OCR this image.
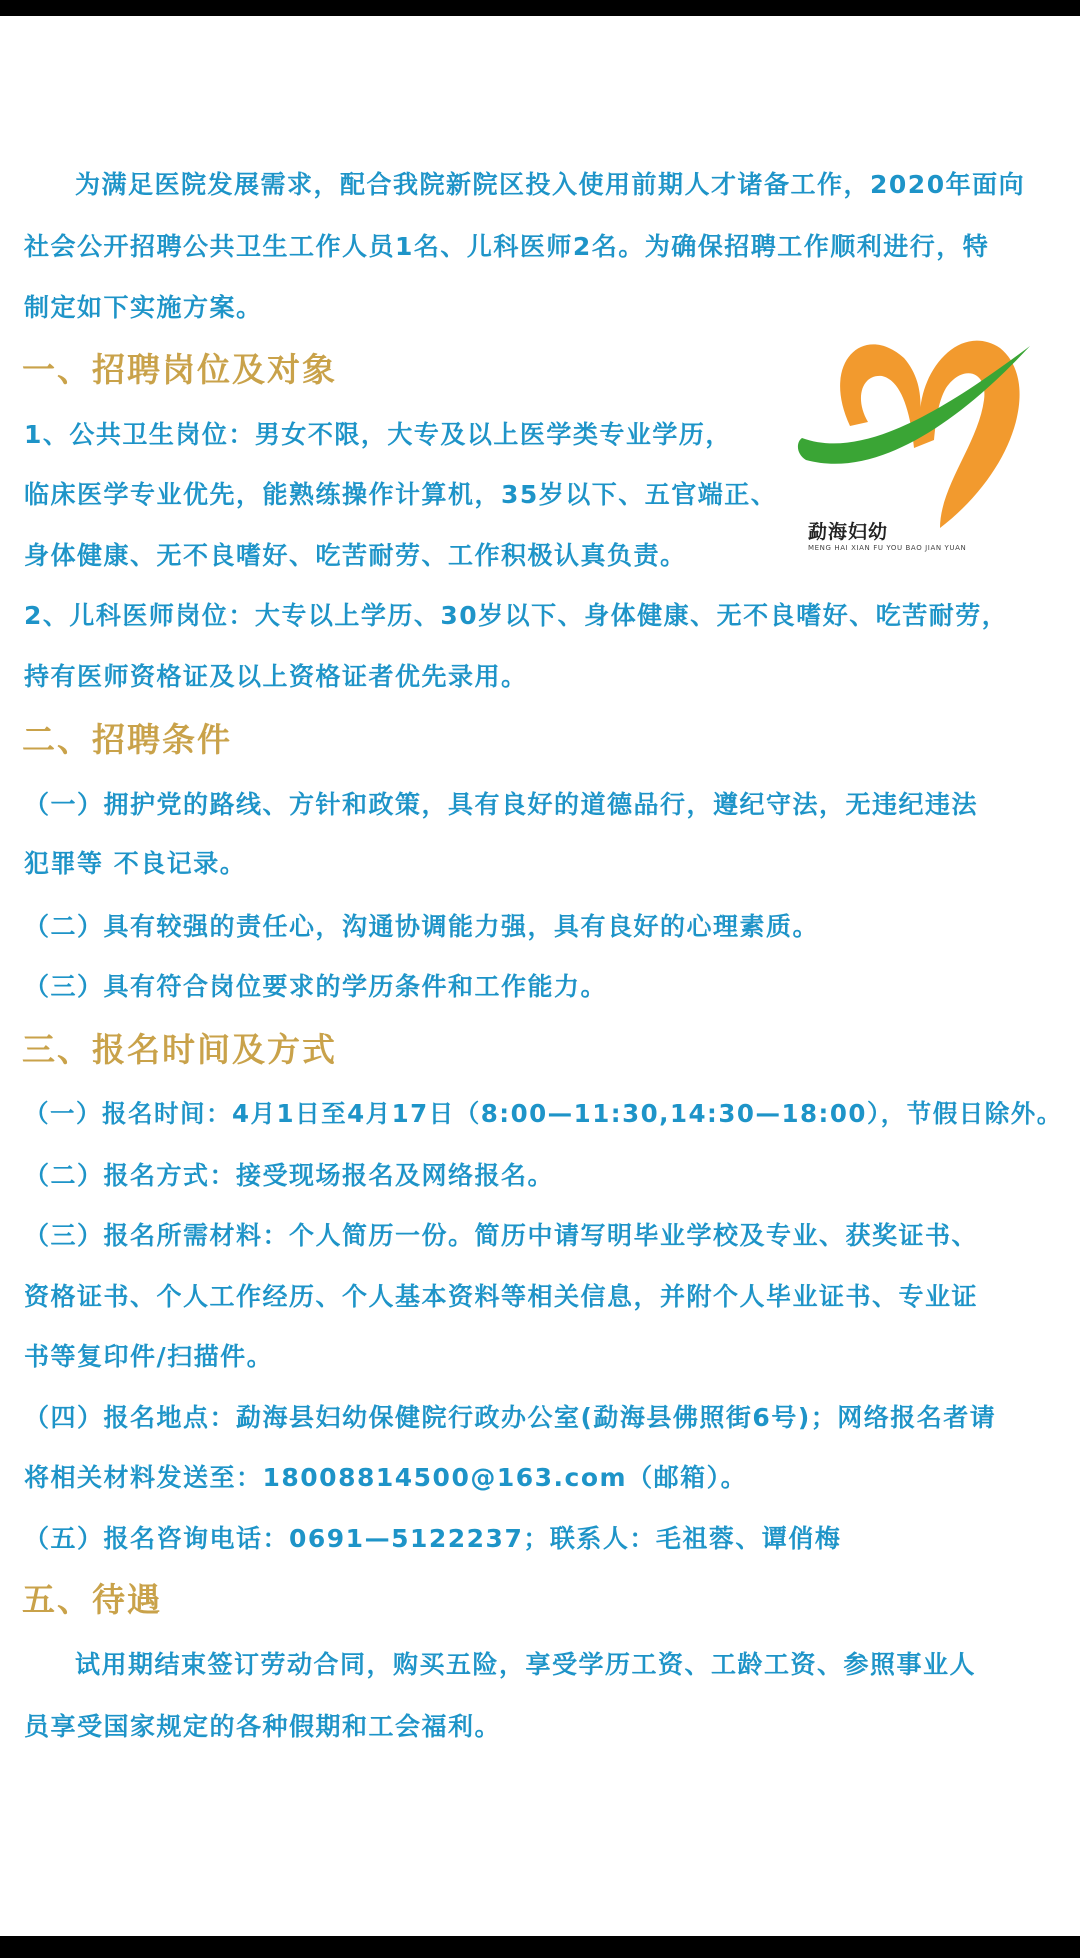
为满足医院发展需求，配合我院新院区投入使用前期人才诸备工作，2020年面向
社会公开招聘公共卫生工作人员1名、儿科医师2名。为确保招聘工作顺利进行，特
制定如下实施方案。
一、招聘岗位及对象
1、公共卫生岗位：男女不限，大专及以上医学类专业学历，
临床医学专业优先，能熟练操作计算机，35岁以下、五官端正、
身体健康、无不良嗜好、吃苦耐劳、工作积极认真负责。
2、儿科医师岗位：大专以上学历、30岁以下、身体健康、无不良嗜好、吃苦耐劳，
持有医师资格证及以上资格证者优先录用。
勐海妇幼
MENG HAI XIAN FU YOU BAO JIAN YUAN
二、招聘条件
（一）拥护党的路线、方针和政策，具有良好的道德品行，遵纪守法，无违纪违法
犯罪等 不良记录。
（二）具有较强的责任心，沟通协调能力强，具有良好的心理素质。
（三）具有符合岗位要求的学历条件和工作能力。
三、报名时间及方式
（一）报名时间：4月1日至4月17日（8:00—11:30,14:30—18:00），节假日除外。
（二）报名方式：接受现场报名及网络报名。
（三）报名所需材料：个人简历一份。简历中请写明毕业学校及专业、获奖证书、
资格证书、个人工作经历、个人基本资料等相关信息，并附个人毕业证书、专业证
书等复印件/扫描件。
（四）报名地点：勐海县妇幼保健院行政办公室(勐海县佛照街6号)；网络报名者请
将相关材料发送至：18008814500@163.com（邮箱）。
（五）报名咨询电话：0691—5122237；联系人：毛祖蓉、谭俏梅
五、待遇
试用期结束签订劳动合同，购买五险，享受学历工资、工龄工资、参照事业人
员享受国家规定的各种假期和工会福利。
